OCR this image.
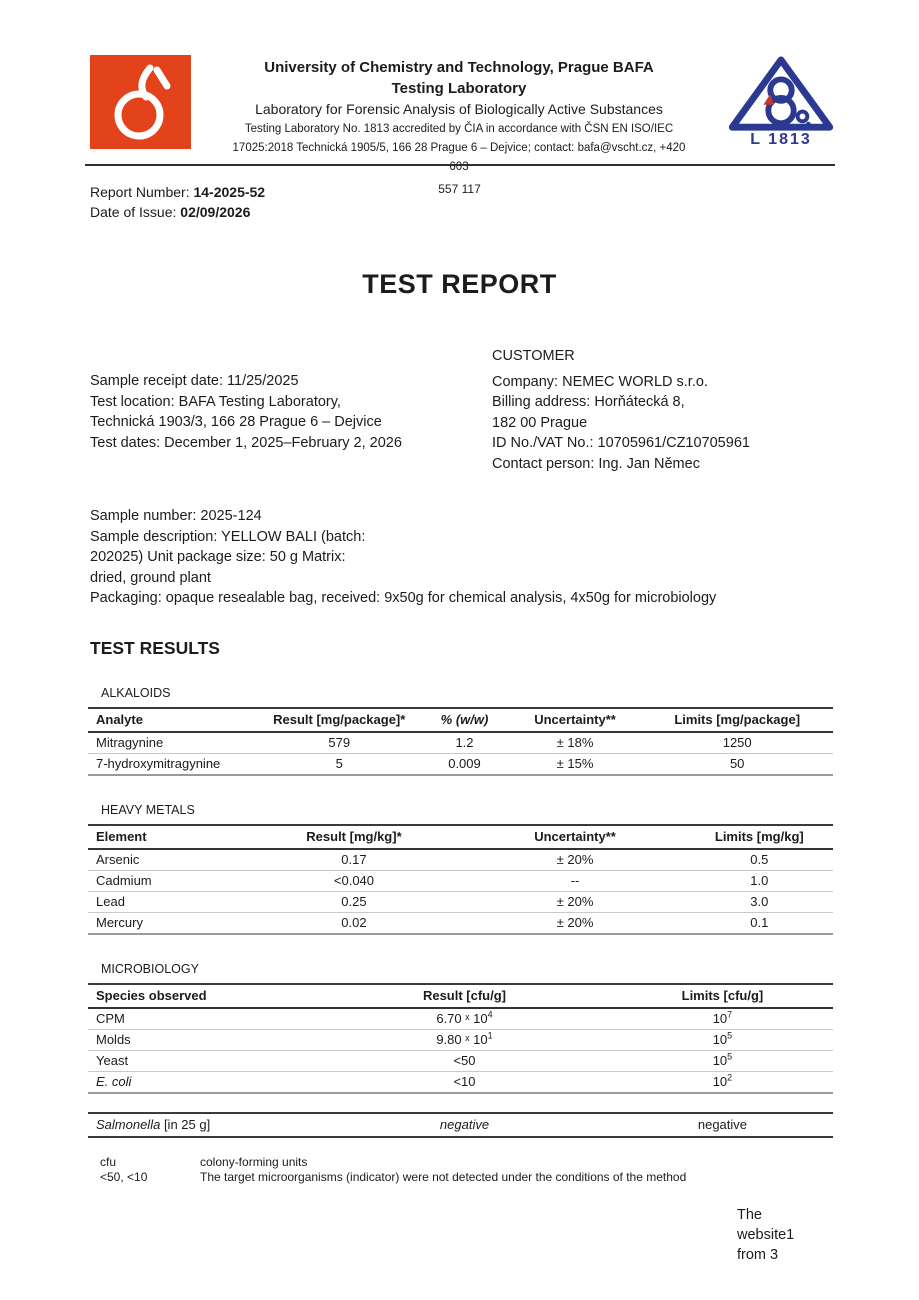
University of Chemistry and Technology, Prague BAFA
Testing Laboratory
Laboratory for Forensic Analysis of Biologically Active Substances
Testing Laboratory No. 1813 accredited by ČIA in accordance with ČSN EN ISO/IEC 17025:2018 Technická 1905/5, 166 28 Prague 6 – Dejvice; contact: bafa@vscht.cz, +420 603
L 1813
557 117
Report Number: 14-2025-52
Date of Issue: 02/09/2026
TEST REPORT
Sample receipt date: 11/25/2025
Test location: BAFA Testing Laboratory,
Technická 1903/3, 166 28 Prague 6 – Dejvice
Test dates: December 1, 2025–February 2, 2026
CUSTOMER
Company: NEMEC WORLD s.r.o.
Billing address: Horňátecká 8,
182 00 Prague
ID No./VAT No.: 10705961/CZ10705961
Contact person: Ing. Jan Němec
Sample number: 2025-124
Sample description: YELLOW BALI (batch:
202025) Unit package size: 50 g Matrix:
dried, ground plant
Packaging: opaque resealable bag, received: 9x50g for chemical analysis, 4x50g for microbiology
TEST RESULTS
ALKALOIDS
Analyte	Result [mg/package]*	% (w/w)	Uncertainty**	Limits [mg/package]
Mitragynine	579	1.2	± 18%	1250
7-hydroxymitragynine	5	0.009	± 15%	50
HEAVY METALS
Element	Result [mg/kg]*	Uncertainty**	Limits [mg/kg]
Arsenic	0.17	± 20%	0.5
Cadmium	<0.040	--	1.0
Lead	0.25	± 20%	3.0
Mercury	0.02	± 20%	0.1
MICROBIOLOGY
Species observed	Result [cfu/g]	Limits [cfu/g]
CPM	6.70 ˣ $10^4$	$10^7$
Molds	9.80 ˣ $10^1$	$10^5$
Yeast	<50	$10^5$
E. coli	<10	$10^2$
Salmonella [in 25 g]	negative	negative
cfu	colony-forming units
<50, <10	The target microorganisms (indicator) were not detected under the conditions of the method
The
website1
from 3
